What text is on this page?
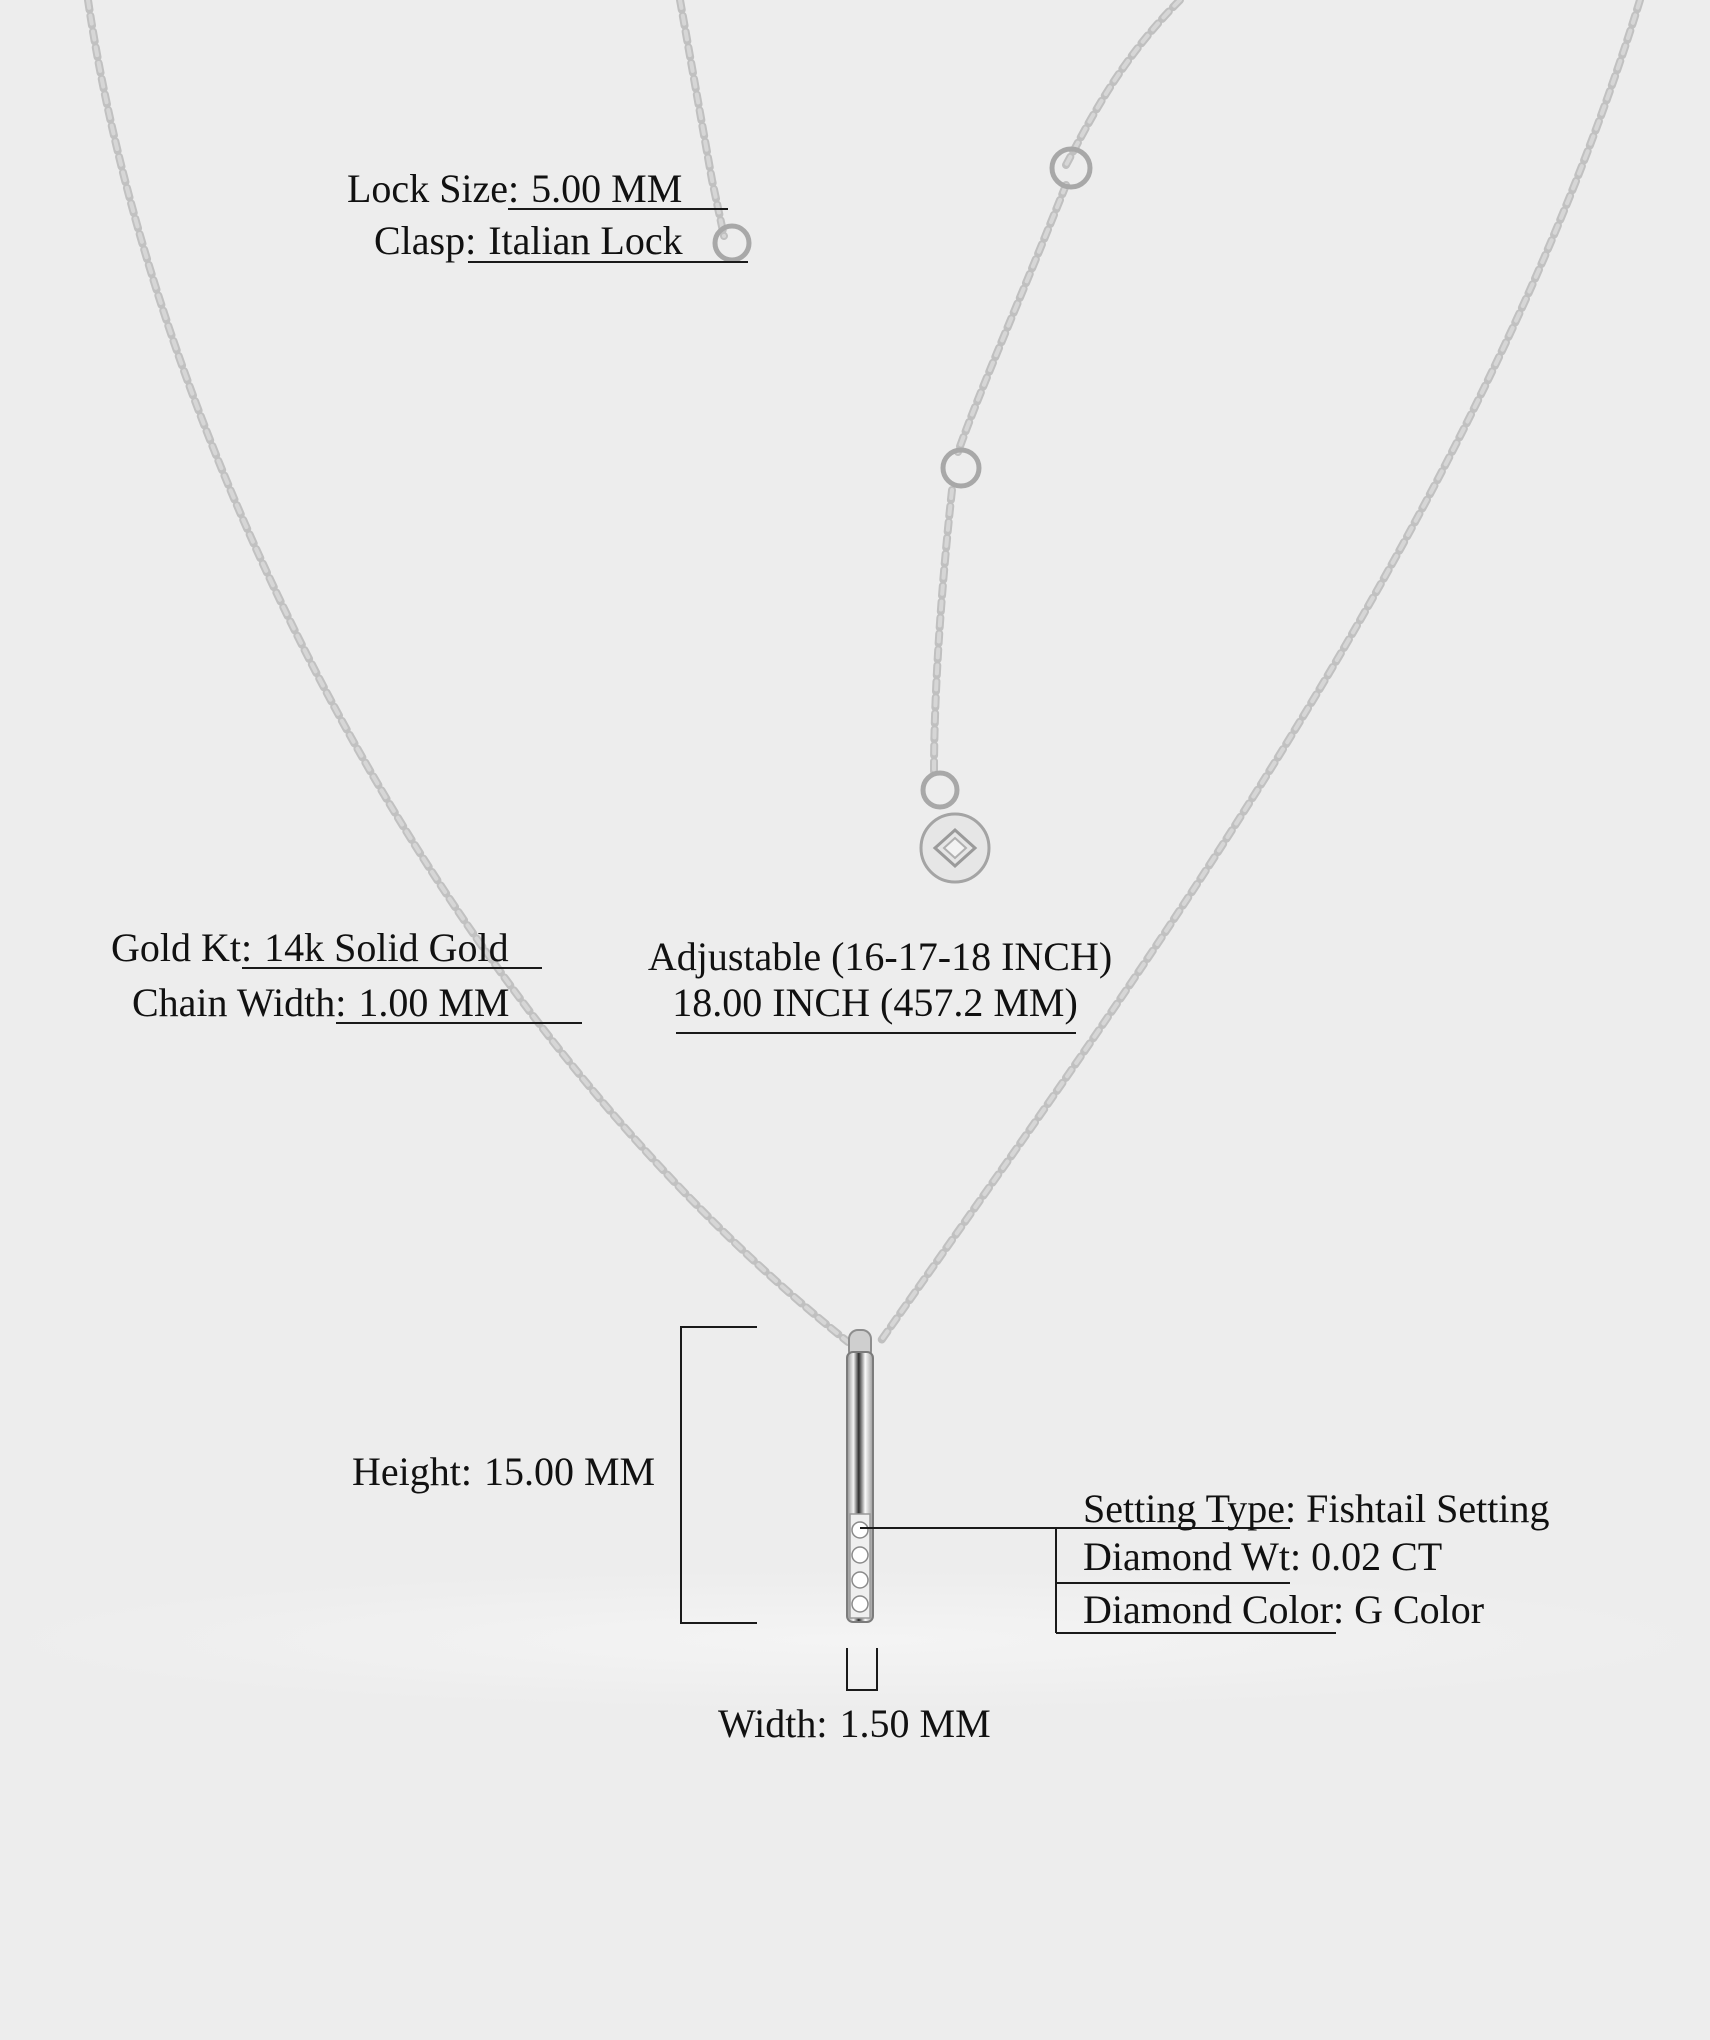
Lock Size: 5.00 MM
Clasp: Italian Lock
Gold Kt: 14k Solid Gold
Chain Width: 1.00 MM
Adjustable (16-17-18 INCH)
18.00 INCH (457.2 MM)
Height: 15.00 MM
Width: 1.50 MM
Setting Type: Fishtail Setting
Diamond Wt: 0.02 CT
Diamond Color: G Color
